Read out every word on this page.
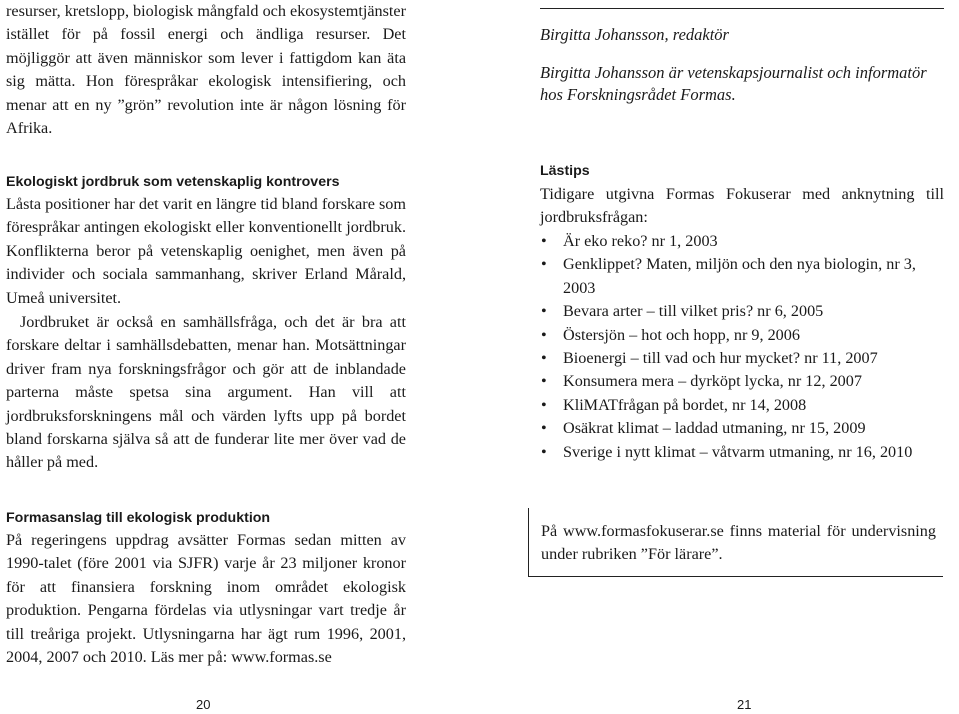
resurser, kretslopp, biologisk mångfald och ekosystemtjänster istället för på fossil energi och ändliga resurser. Det möjliggör att även människor som lever i fattigdom kan äta sig mätta. Hon förespråkar ekologisk intensifiering, och menar att en ny ”grön” revolution inte är någon lösning för Afrika.

Ekologiskt jordbruk som vetenskaplig kontrovers

Låsta positioner har det varit en längre tid bland forskare som förespråkar antingen ekologiskt eller konventionellt jordbruk. Konflikterna beror på vetenskaplig oenighet, men även på individer och sociala sammanhang, skriver Erland Mårald, Umeå universitet.

Jordbruket är också en samhällsfråga, och det är bra att forskare deltar i samhällsdebatten, menar han. Motsättningar driver fram nya forskningsfrågor och gör att de inblandade parterna måste spetsa sina argument. Han vill att jordbruksforskningens mål och värden lyfts upp på bordet bland forskarna själva så att de funderar lite mer över vad de håller på med.

Formasanslag till ekologisk produktion

På regeringens uppdrag avsätter Formas sedan mitten av 1990-talet (före 2001 via SJFR) varje år 23 miljoner kronor för att finansiera forskning inom området ekologisk produktion. Pengarna fördelas via utlysningar vart tredje år till treåriga projekt. Utlysningarna har ägt rum 1996, 2001, 2004, 2007 och 2010. Läs mer på: www.formas.se

20

Birgitta Johansson, redaktör

Birgitta Johansson är vetenskapsjournalist och informatör hos Forskningsrådet Formas.

Lästips

Tidigare utgivna Formas Fokuserar med anknytning till jordbruksfrågan:

• Är eko reko? nr 1, 2003
• Genklippet? Maten, miljön och den nya biologin, nr 3, 2003
• Bevara arter – till vilket pris? nr 6, 2005
• Östersjön – hot och hopp, nr 9, 2006
• Bioenergi – till vad och hur mycket? nr 11, 2007
• Konsumera mera – dyrköpt lycka, nr 12, 2007
• KliMATfrågan på bordet, nr 14, 2008
• Osäkrat klimat – laddad utmaning, nr 15, 2009
• Sverige i nytt klimat – våtvarm utmaning, nr 16, 2010

På www.formasfokuserar.se finns material för undervisning under rubriken ”För lärare”.

21
